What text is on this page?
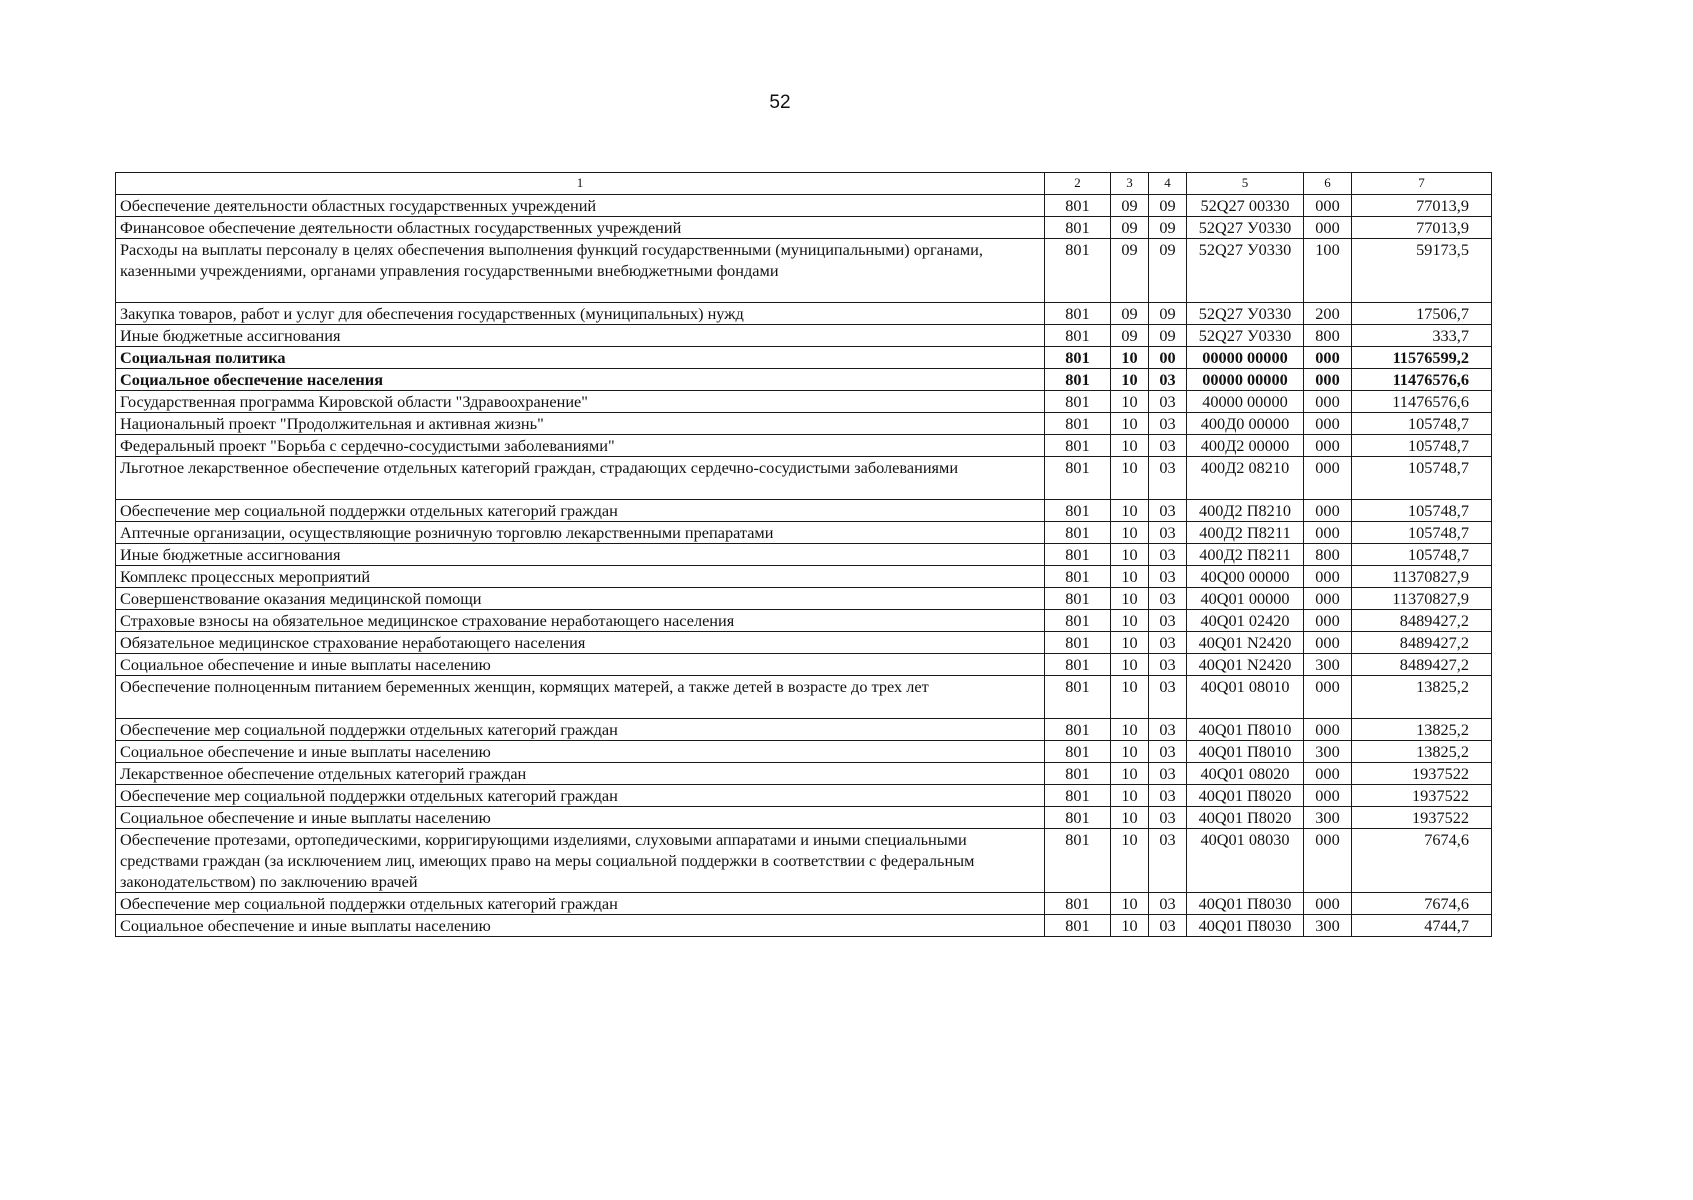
52
1	2	3	4	5	6	7
Обеспечение деятельности областных государственных учреждений	801	09	09	52Q27 00330	000	77013,9
Финансовое обеспечение деятельности областных государственных учреждений	801	09	09	52Q27 У0330	000	77013,9
Расходы на выплаты персоналу в целях обеспечения выполнения функций государственными (муниципальными) органами, казенными учреждениями, органами управления государственными внебюджетными фондами	801	09	09	52Q27 У0330	100	59173,5
Закупка товаров, работ и услуг для обеспечения государственных (муниципальных) нужд	801	09	09	52Q27 У0330	200	17506,7
Иные бюджетные ассигнования	801	09	09	52Q27 У0330	800	333,7
Социальная политика	801	10	00	00000 00000	000	11576599,2
Социальное обеспечение населения	801	10	03	00000 00000	000	11476576,6
Государственная программа Кировской области "Здравоохранение"	801	10	03	40000 00000	000	11476576,6
Национальный проект "Продолжительная и активная жизнь"	801	10	03	400Д0 00000	000	105748,7
Федеральный проект "Борьба с сердечно-сосудистыми заболеваниями"	801	10	03	400Д2 00000	000	105748,7
Льготное лекарственное обеспечение отдельных категорий граждан, страдающих сердечно-сосудистыми заболеваниями	801	10	03	400Д2 08210	000	105748,7
Обеспечение мер социальной поддержки отдельных категорий граждан	801	10	03	400Д2 П8210	000	105748,7
Аптечные организации, осуществляющие розничную торговлю лекарственными препаратами	801	10	03	400Д2 П8211	000	105748,7
Иные бюджетные ассигнования	801	10	03	400Д2 П8211	800	105748,7
Комплекс процессных мероприятий	801	10	03	40Q00 00000	000	11370827,9
Совершенствование оказания медицинской помощи	801	10	03	40Q01 00000	000	11370827,9
Страховые взносы на обязательное медицинское страхование неработающего населения	801	10	03	40Q01 02420	000	8489427,2
Обязательное медицинское страхование неработающего населения	801	10	03	40Q01 N2420	000	8489427,2
Социальное обеспечение и иные выплаты населению	801	10	03	40Q01 N2420	300	8489427,2
Обеспечение полноценным питанием беременных женщин, кормящих матерей, а также детей в возрасте до трех лет	801	10	03	40Q01 08010	000	13825,2
Обеспечение мер социальной поддержки отдельных категорий граждан	801	10	03	40Q01 П8010	000	13825,2
Социальное обеспечение и иные выплаты населению	801	10	03	40Q01 П8010	300	13825,2
Лекарственное обеспечение отдельных категорий граждан	801	10	03	40Q01 08020	000	1937522
Обеспечение мер социальной поддержки отдельных категорий граждан	801	10	03	40Q01 П8020	000	1937522
Социальное обеспечение и иные выплаты населению	801	10	03	40Q01 П8020	300	1937522
Обеспечение протезами, ортопедическими, корригирующими изделиями, слуховыми аппаратами и иными специальными средствами граждан (за исключением лиц, имеющих право на меры социальной поддержки в соответствии с федеральным законодательством) по заключению врачей	801	10	03	40Q01 08030	000	7674,6
Обеспечение мер социальной поддержки отдельных категорий граждан	801	10	03	40Q01 П8030	000	7674,6
Социальное обеспечение и иные выплаты населению	801	10	03	40Q01 П8030	300	4744,7
